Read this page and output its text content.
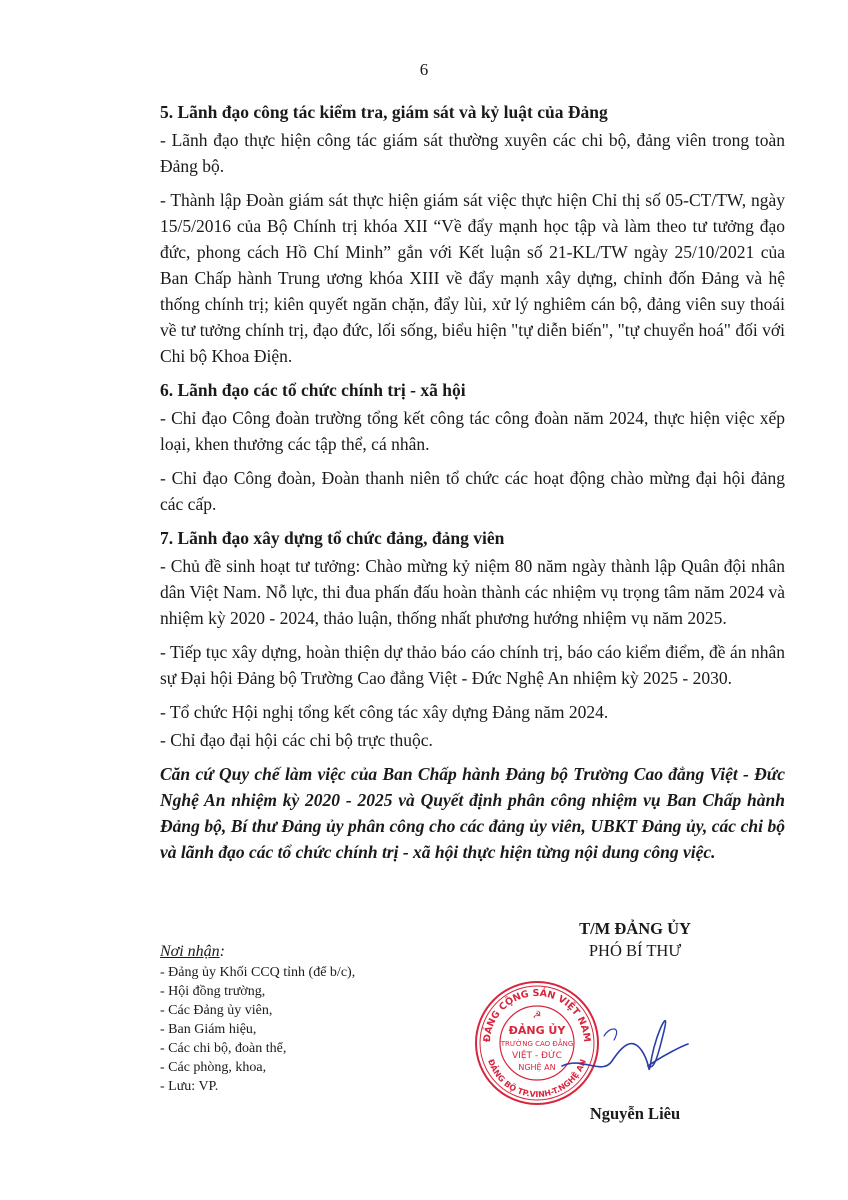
6
5. Lãnh đạo công tác kiểm tra, giám sát và kỷ luật của Đảng

- Lãnh đạo thực hiện công tác giám sát thường xuyên các chi bộ, đảng viên trong toàn Đảng bộ.

- Thành lập Đoàn giám sát thực hiện giám sát việc thực hiện Chỉ thị số 05-CT/TW, ngày 15/5/2016 của Bộ Chính trị khóa XII “Về đẩy mạnh học tập và làm theo tư tưởng đạo đức, phong cách Hồ Chí Minh” gắn với Kết luận số 21-KL/TW ngày 25/10/2021 của Ban Chấp hành Trung ương khóa XIII về đẩy mạnh xây dựng, chỉnh đốn Đảng và hệ thống chính trị; kiên quyết ngăn chặn, đẩy lùi, xử lý nghiêm cán bộ, đảng viên suy thoái về tư tưởng chính trị, đạo đức, lối sống, biểu hiện "tự diễn biến", "tự chuyển hoá" đối với Chi bộ Khoa Điện.

6. Lãnh đạo các tổ chức chính trị - xã hội

- Chỉ đạo Công đoàn trường tổng kết công tác công đoàn năm 2024, thực hiện việc xếp loại, khen thưởng các tập thể, cá nhân.

- Chỉ đạo Công đoàn, Đoàn thanh niên tổ chức các hoạt động chào mừng đại hội đảng các cấp.

7. Lãnh đạo xây dựng tổ chức đảng, đảng viên

- Chủ đề sinh hoạt tư tưởng: Chào mừng kỷ niệm 80 năm ngày thành lập Quân đội nhân dân Việt Nam. Nỗ lực, thi đua phấn đấu hoàn thành các nhiệm vụ trọng tâm năm 2024 và nhiệm kỳ 2020 - 2024, thảo luận, thống nhất phương hướng nhiệm vụ năm 2025.

- Tiếp tục xây dựng, hoàn thiện dự thảo báo cáo chính trị, báo cáo kiểm điểm, đề án nhân sự Đại hội Đảng bộ Trường Cao đẳng Việt - Đức Nghệ An nhiệm kỳ 2025 - 2030.

- Tổ chức Hội nghị tổng kết công tác xây dựng Đảng năm 2024.

- Chỉ đạo đại hội các chi bộ trực thuộc.

Căn cứ Quy chế làm việc của Ban Chấp hành Đảng bộ Trường Cao đẳng Việt - Đức Nghệ An nhiệm kỳ 2020 - 2025 và Quyết định phân công nhiệm vụ Ban Chấp hành Đảng bộ, Bí thư Đảng ủy phân công cho các đảng ủy viên, UBKT Đảng ủy, các chi bộ và lãnh đạo các tổ chức chính trị - xã hội thực hiện từng nội dung công việc.

Nơi nhận:
- Đảng ủy Khối CCQ tỉnh (để b/c),
- Hội đồng trường,
- Các Đảng ủy viên,
- Ban Giám hiệu,
- Các chi bộ, đoàn thể,
- Các phòng, khoa,
- Lưu: VP.
T/M ĐẢNG ỦY
PHÓ BÍ THƯ
ĐẢNG CỘNG SẢN VIỆT NAM
ĐẢNG BỘ TP.VINH-T.NGHỆ AN
☭
ĐẢNG ỦY
TRƯỜNG CAO ĐẲNG
VIỆT - ĐỨC
NGHỆ AN
Nguyễn Liêu
